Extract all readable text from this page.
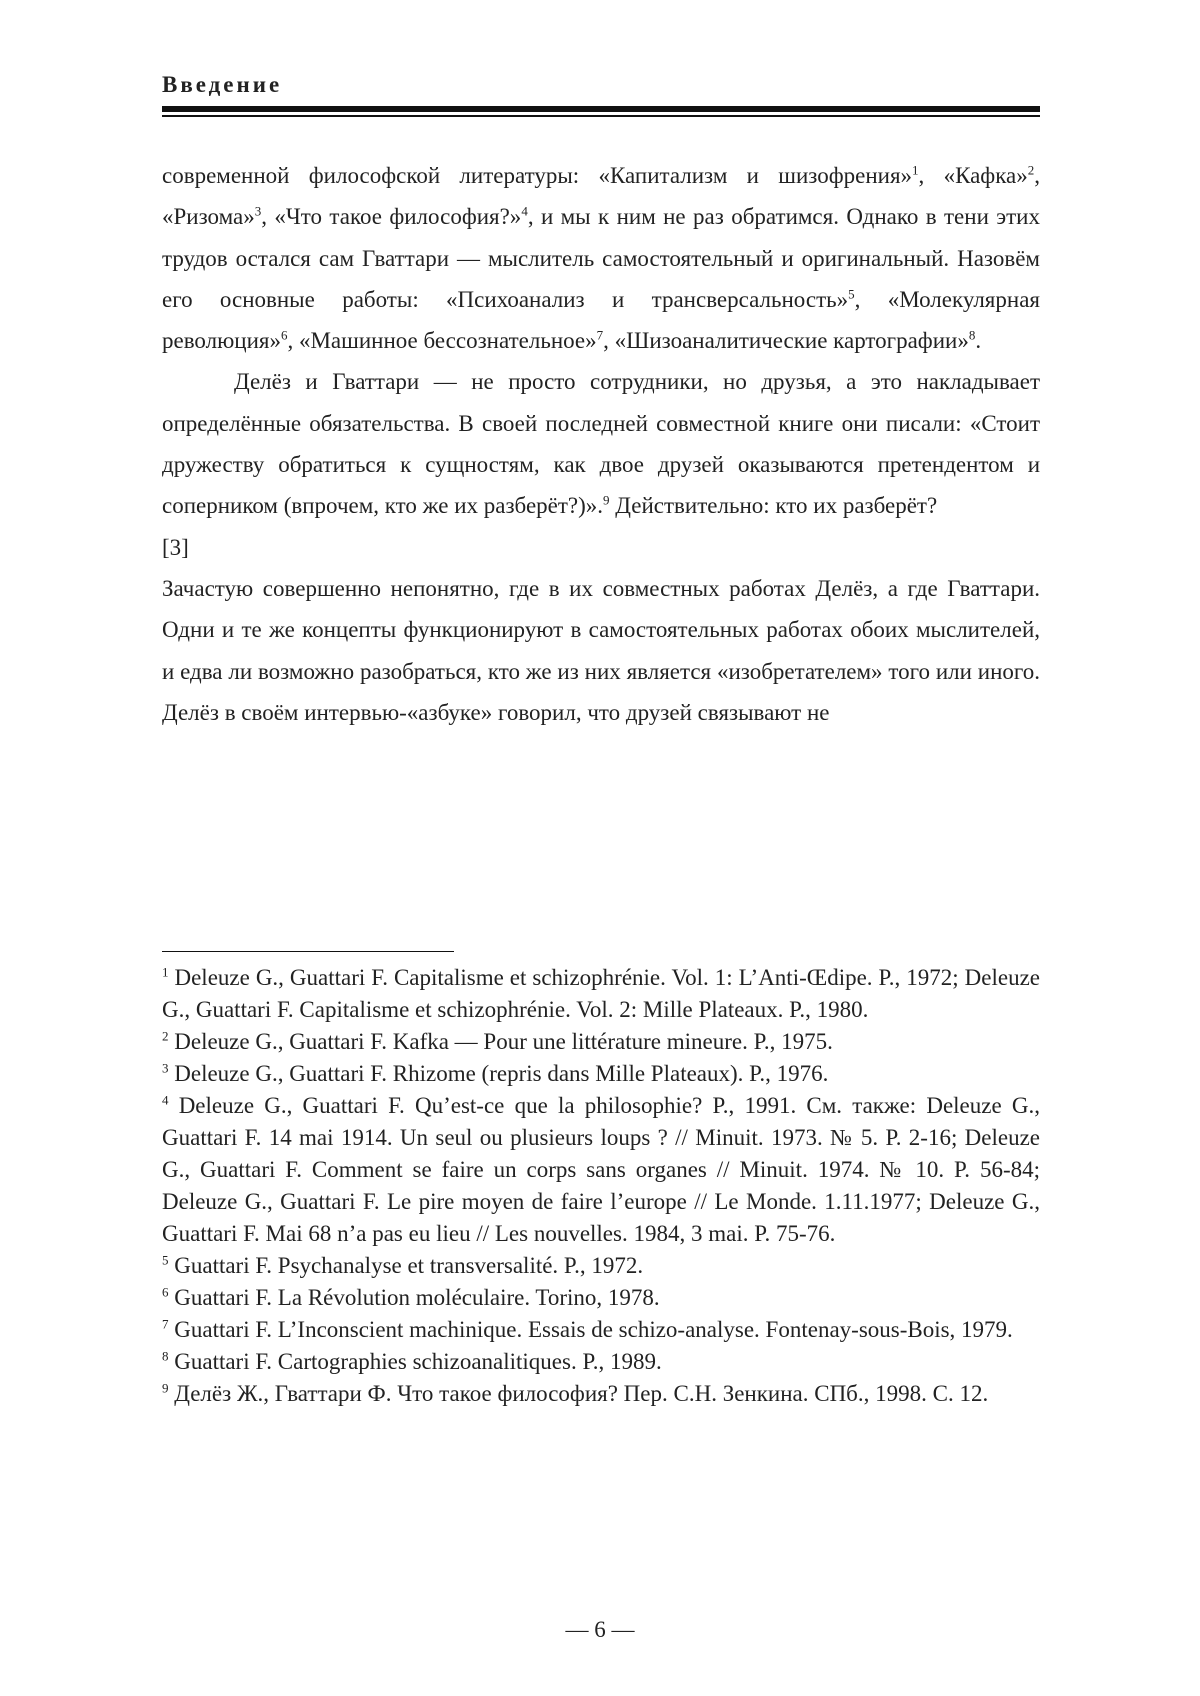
Введение

современной философской литературы: «Капитализм и шизофрения»$^1$, «Кафка»$^2$, «Ризома»$^3$, «Что такое философия?»$^4$, и мы к ним не раз обратимся. Однако в тени этих трудов остался сам Гваттари — мыслитель самостоятельный и оригинальный. Назовём его основные работы: «Психоанализ и трансверсальность»$^5$, «Молекулярная революция»$^6$, «Машинное бессознательное»$^7$, «Шизоаналитические картографии»$^8$.

Делёз и Гваттари — не просто сотрудники, но друзья, а это накладывает определённые обязательства. В своей последней совместной книге они писали: «Стоит дружеству обратиться к сущностям, как двое друзей оказываются претендентом и соперником (впрочем, кто же их разберёт?)».$^9$ Действительно: кто их разберёт?

[3]

Зачастую совершенно непонятно, где в их совместных работах Делёз, а где Гваттари. Одни и те же концепты функционируют в самостоятельных работах обоих мыслителей, и едва ли возможно разобраться, кто же из них является «изобретателем» того или иного. Делёз в своём интервью-«азбуке» говорил, что друзей связывают не

$^1$ Deleuze G., Guattari F. Capitalisme et schizophrénie. Vol. 1: L’Anti-Œdipe. P., 1972; Deleuze G., Guattari F. Capitalisme et schizophrénie. Vol. 2: Mille Plateaux. P., 1980.

$^2$ Deleuze G., Guattari F. Kafka — Pour une littérature mineure. P., 1975.

$^3$ Deleuze G., Guattari F. Rhizome (repris dans Mille Plateaux). P., 1976.

$^4$ Deleuze G., Guattari F. Qu’est-ce que la philosophie? P., 1991. См. также: Deleuze G., Guattari F. 14 mai 1914. Un seul ou plusieurs loups ? // Minuit. 1973. № 5. P. 2-16; Deleuze G., Guattari F. Comment se faire un corps sans organes // Minuit. 1974. № 10. P. 56-84; Deleuze G., Guattari F. Le pire moyen de faire l’europe // Le Monde. 1.11.1977; Deleuze G., Guattari F. Mai 68 n’a pas eu lieu // Les nouvelles. 1984, 3 mai. P. 75-76.

$^5$ Guattari F. Psychanalyse et transversalité. P., 1972.

$^6$ Guattari F. La Révolution moléculaire. Torino, 1978.

$^7$ Guattari F. L’Inconscient machinique. Essais de schizo-analyse. Fontenay-sous-Bois, 1979.

$^8$ Guattari F. Cartographies schizoanalitiques. P., 1989.

$^9$ Делёз Ж., Гваттари Ф. Что такое философия? Пер. С.Н. Зенкина. СПб., 1998. С. 12.

— 6 —
